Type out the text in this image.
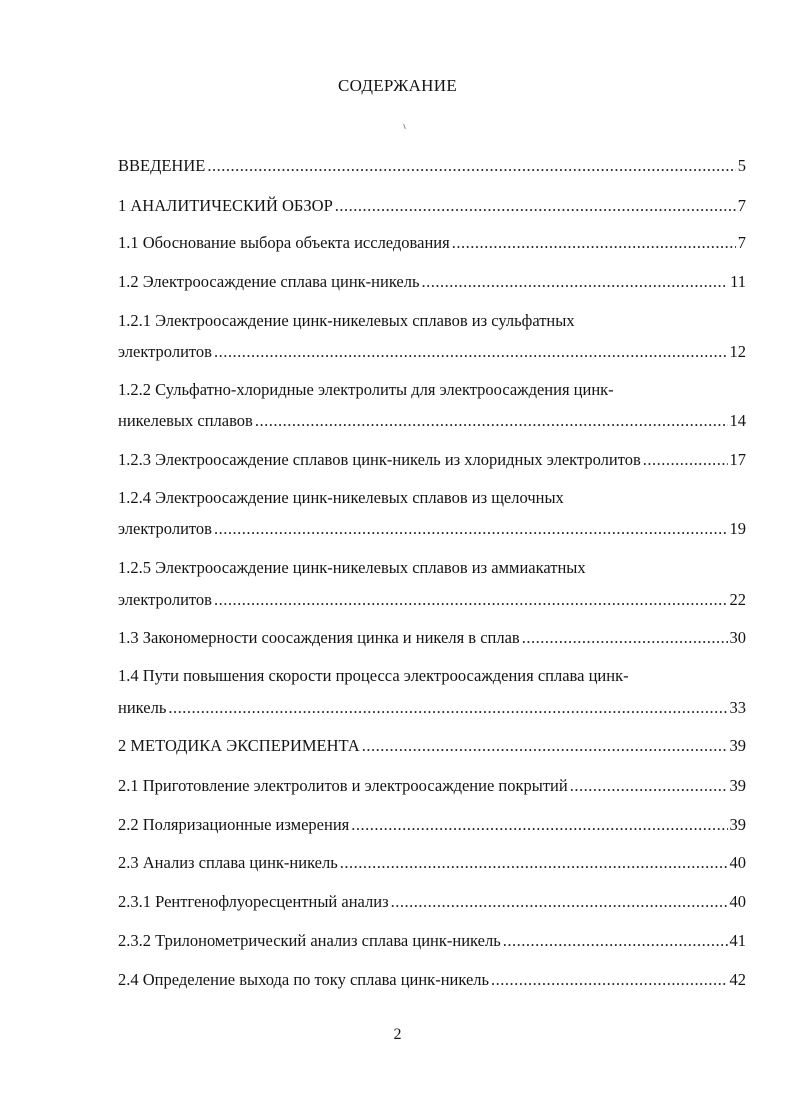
СОДЕРЖАНИЕ
ВВЕДЕНИЕ .....	5
1 АНАЛИТИЧЕСКИЙ ОБЗОР .....	7
1.1 Обоснование выбора объекта исследования .....	7
1.2 Электроосаждение сплава цинк-никель .....	11
1.2.1 Электроосаждение цинк-никелевых сплавов из сульфатных
электролитов .....	12
1.2.2 Сульфатно-хлоридные электролиты для электроосаждения цинк-
никелевых сплавов .....	14
1.2.3 Электроосаждение сплавов цинк-никель из хлоридных электролитов .....	17
1.2.4 Электроосаждение цинк-никелевых сплавов из щелочных
электролитов .....	19
1.2.5 Электроосаждение цинк-никелевых сплавов из аммиакатных
электролитов .....	22
1.3 Закономерности соосаждения цинка и никеля в сплав .....	30
1.4 Пути повышения скорости процесса электроосаждения сплава цинк-
никель .....	33
2 МЕТОДИКА ЭКСПЕРИМЕНТА .....	39
2.1 Приготовление электролитов и электроосаждение покрытий .....	39
2.2 Поляризационные измерения .....	39
2.3 Анализ сплава цинк-никель .....	40
2.3.1 Рентгенофлуоресцентный анализ .....	40
2.3.2 Трилонометрический анализ сплава цинк-никель .....	41
2.4 Определение выхода по току сплава цинк-никель .....	42
2
